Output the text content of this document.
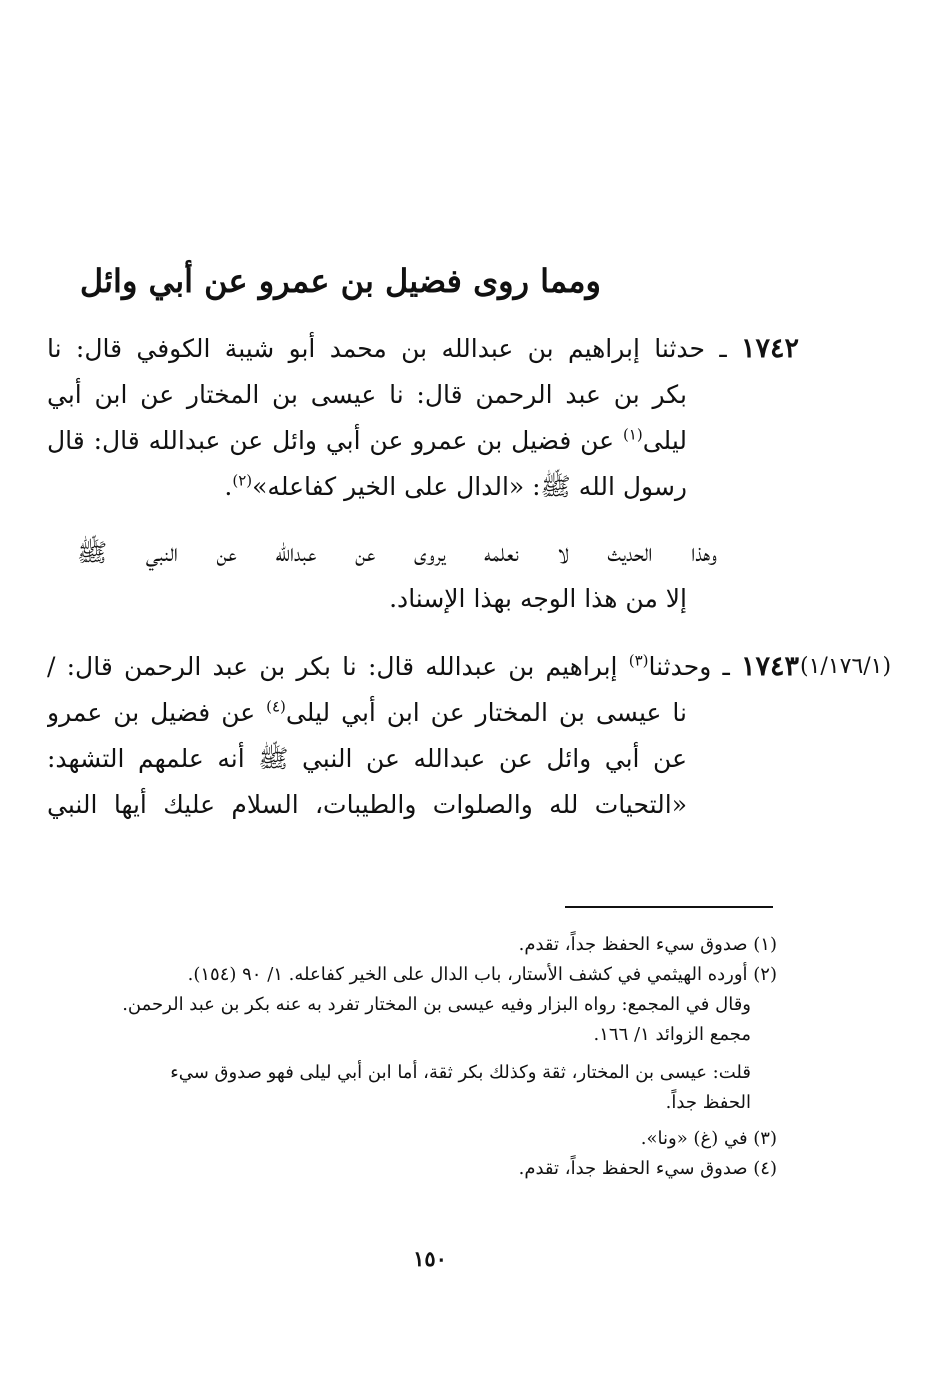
ومما روى فضيل بن عمرو عن أبي وائل
١٧٤٢ ـ حدثنا إبراهيم بن عبدالله بن محمد أبو شيبة الكوفي قال: نا
بكر بن عبد الرحمن قال: نا عيسى بن المختار عن ابن أبي
ليلى$^{(١)}$ عن فضيل بن عمرو عن أبي وائل عن عبدالله قال: قال
رسول الله ﷺ: «الدال على الخير كفاعله»$^{(٢)}$.
وهذا الحديث لا نعلمه يروى عن عبدالله عن النبي ﷺ
إلا من هذا الوجه بهذا الإسناد.
(١/١٧٦/١)
١٧٤٣ ـ وحدثنا$^{(٣)}$ إبراهيم بن عبدالله قال: نا بكر بن عبد الرحمن قال: /
نا عيسى بن المختار عن ابن أبي ليلى$^{(٤)}$ عن فضيل بن عمرو
عن أبي وائل عن عبدالله عن النبي ﷺ أنه علمهم التشهد:
«التحيات لله والصلوات والطيبات، السلام عليك أيها النبي
(١) صدوق سيء الحفظ جداً، تقدم.
(٢) أورده الهيثمي في كشف الأستار، باب الدال على الخير كفاعله. ١/ ٩٠ (١٥٤).
وقال في المجمع: رواه البزار وفيه عيسى بن المختار تفرد به عنه بكر بن عبد الرحمن.
مجمع الزوائد ١/ ١٦٦.
قلت: عيسى بن المختار، ثقة وكذلك بكر ثقة، أما ابن أبي ليلى فهو صدوق سيء
الحفظ جداً.
(٣) في (غ) «ونا».
(٤) صدوق سيء الحفظ جداً، تقدم.
١٥٠
